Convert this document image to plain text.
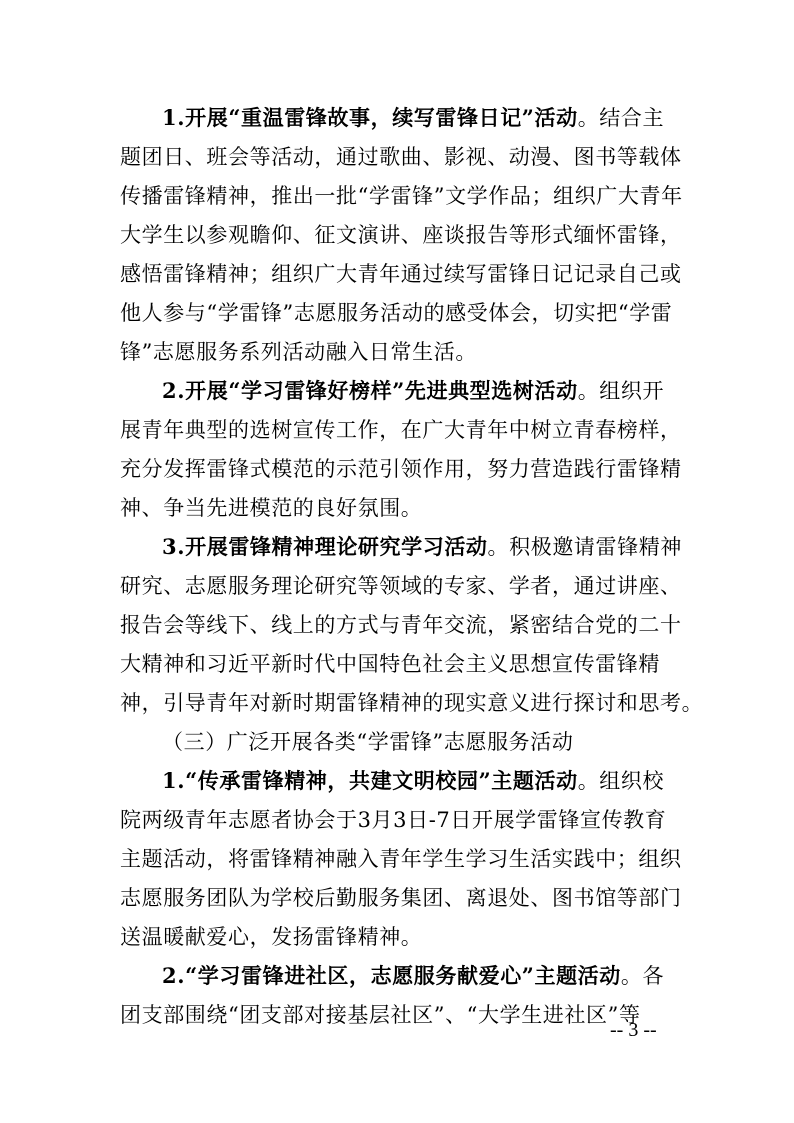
1.开展“重温雷锋故事，续写雷锋日记”活动。结合主
题团日、班会等活动，通过歌曲、影视、动漫、图书等载体
传播雷锋精神，推出一批“学雷锋”文学作品；组织广大青年
大学生以参观瞻仰、征文演讲、座谈报告等形式缅怀雷锋，
感悟雷锋精神；组织广大青年通过续写雷锋日记记录自己或
他人参与“学雷锋”志愿服务活动的感受体会，切实把“学雷
锋”志愿服务系列活动融入日常生活。
2.开展“学习雷锋好榜样”先进典型选树活动。组织开
展青年典型的选树宣传工作，在广大青年中树立青春榜样，
充分发挥雷锋式模范的示范引领作用，努力营造践行雷锋精
神、争当先进模范的良好氛围。
3.开展雷锋精神理论研究学习活动。积极邀请雷锋精神
研究、志愿服务理论研究等领域的专家、学者，通过讲座、
报告会等线下、线上的方式与青年交流，紧密结合党的二十
大精神和习近平新时代中国特色社会主义思想宣传雷锋精
神，引导青年对新时期雷锋精神的现实意义进行探讨和思考。
（三）广泛开展各类“学雷锋”志愿服务活动
1.“传承雷锋精神，共建文明校园”主题活动。组织校
院两级青年志愿者协会于3月3日-7日开展学雷锋宣传教育
主题活动，将雷锋精神融入青年学生学习生活实践中；组织
志愿服务团队为学校后勤服务集团、离退处、图书馆等部门
送温暖献爱心，发扬雷锋精神。
2.“学习雷锋进社区，志愿服务献爱心”主题活动。各
团支部围绕“团支部对接基层社区”、“大学生进社区”等
-- 3 --
